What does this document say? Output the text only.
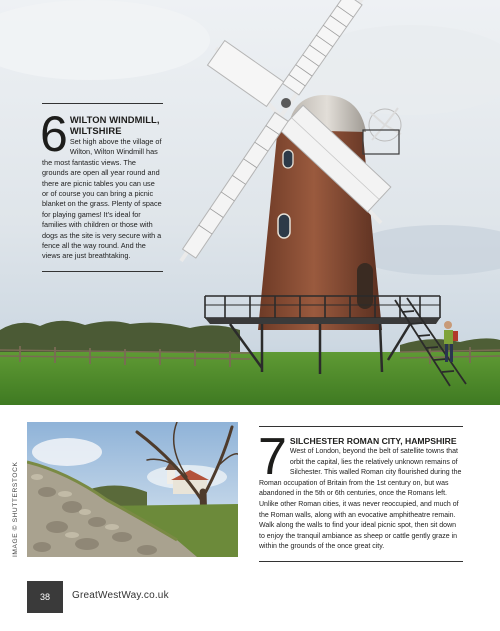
6 WILTON WINDMILL, WILTSHIRE
Set high above the village of Wilton, Wilton Windmill has the most fantastic views. The grounds are open all year round and there are picnic tables you can use or of course you can bring a picnic blanket on the grass. Plenty of space for playing games! It's ideal for families with children or those with dogs as the site is very secure with a fence all the way round. And the views are just breathtaking.
IMAGE © SHUTTERSTOCK
7 SILCHESTER ROMAN CITY, HAMPSHIRE
West of London, beyond the belt of satellite towns that orbit the capital, lies the relatively unknown remains of Silchester. This walled Roman city flourished during the Roman occupation of Britain from the 1st century on, but was abandoned in the 5th or 6th centuries, once the Romans left. Unlike other Roman cities, it was never reoccupied, and much of the Roman walls, along with an evocative amphitheatre remain. Walk along the walls to find your ideal picnic spot, then sit down to enjoy the tranquil ambiance as sheep or cattle gently graze in within the grounds of the once great city.
38	GreatWestWay.co.uk
